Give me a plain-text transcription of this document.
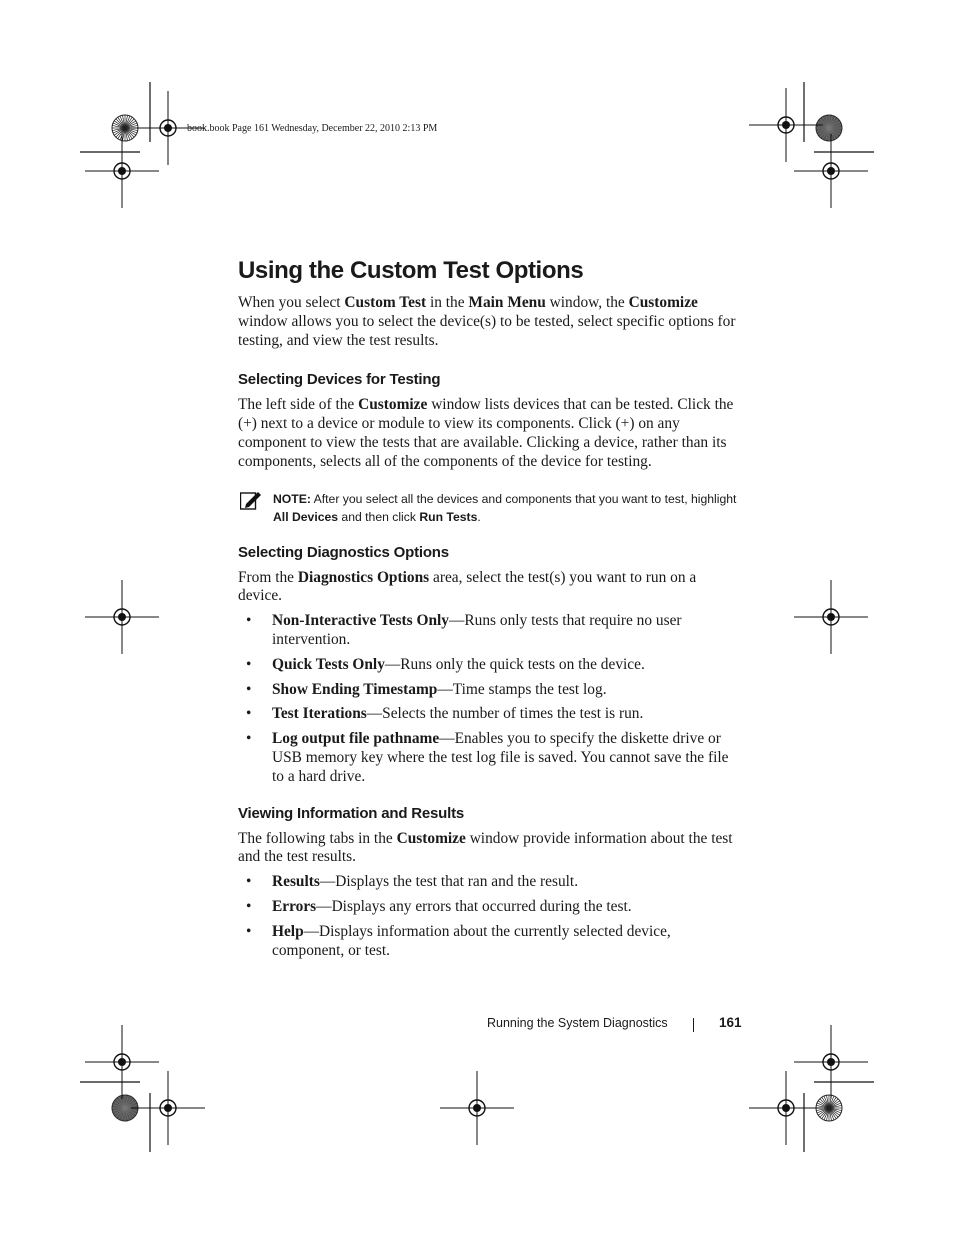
book.book Page 161 Wednesday, December 22, 2010 2:13 PM
Using the Custom Test Options

When you select Custom Test in the Main Menu window, the Customize window allows you to select the device(s) to be tested, select specific options for testing, and view the test results.

Selecting Devices for Testing

The left side of the Customize window lists devices that can be tested. Click the (+) next to a device or module to view its components. Click (+) on any component to view the tests that are available. Clicking a device, rather than its components, selects all of the components of the device for testing.

NOTE: After you select all the devices and components that you want to test, highlight All Devices and then click Run Tests.
Selecting Diagnostics Options

From the Diagnostics Options area, select the test(s) you want to run on a device.

• Non-Interactive Tests Only—Runs only tests that require no user intervention.
• Quick Tests Only—Runs only the quick tests on the device.
• Show Ending Timestamp—Time stamps the test log.
• Test Iterations—Selects the number of times the test is run.
• Log output file pathname—Enables you to specify the diskette drive or USB memory key where the test log file is saved. You cannot save the file to a hard drive.
Viewing Information and Results

The following tabs in the Customize window provide information about the test and the test results.

• Results—Displays the test that ran and the result.
• Errors—Displays any errors that occurred during the test.
• Help—Displays information about the currently selected device, component, or test.
Running the System Diagnostics	161
